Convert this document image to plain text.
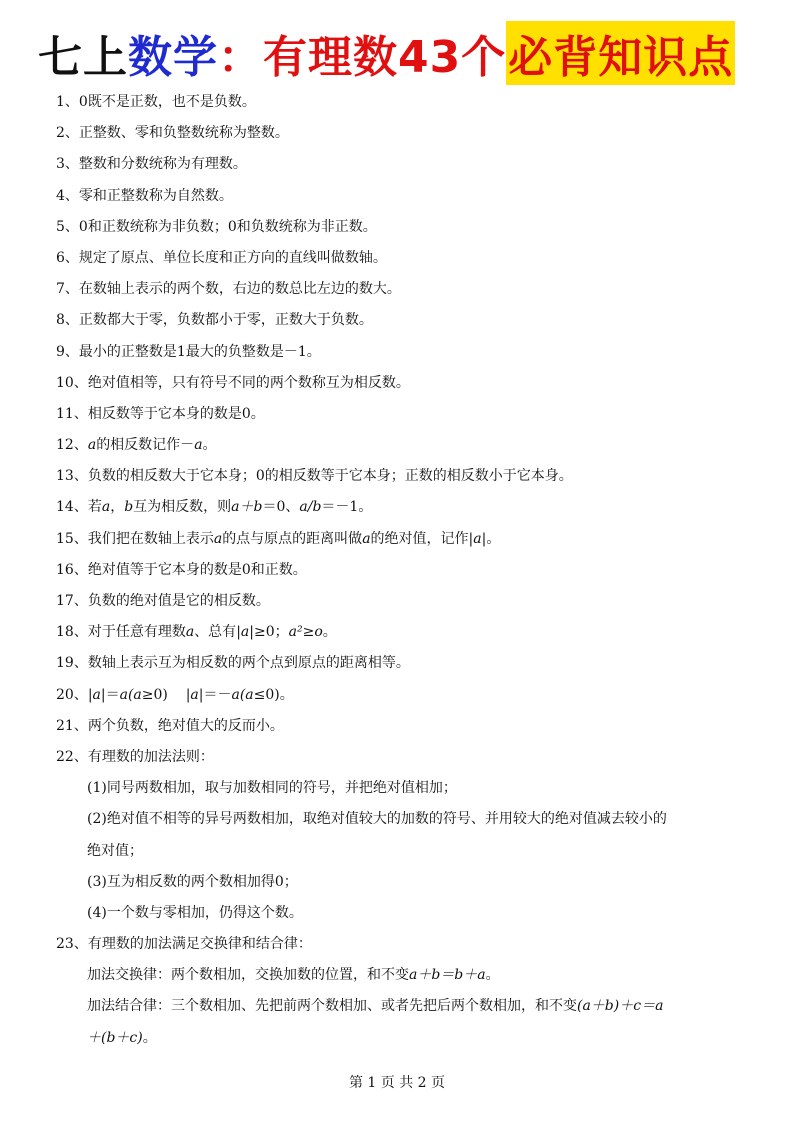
七上 数学 ：有理数43个 必背知识点
1、0既不是正数，也不是负数。
2、正整数、零和负整数统称为整数。
3、整数和分数统称为有理数。
4、零和正整数称为自然数。
5、0和正数统称为非负数；0和负数统称为非正数。
6、规定了原点、单位长度和正方向的直线叫做数轴。
7、在数轴上表示的两个数，右边的数总比左边的数大。
8、正数都大于零，负数都小于零，正数大于负数。
9、最小的正整数是1最大的负整数是－1。
10、绝对值相等，只有符号不同的两个数称互为相反数。
11、相反数等于它本身的数是0。
12、a的相反数记作－a。
13、负数的相反数大于它本身；0的相反数等于它本身；正数的相反数小于它本身。
14、若a，b互为相反数，则a＋b＝0、a/b＝－1。
15、我们把在数轴上表示a的点与原点的距离叫做a的绝对值，记作|a|。
16、绝对值等于它本身的数是0和正数。
17、负数的绝对值是它的相反数。
18、对于任意有理数a、总有|a|≥0；a²≥o。
19、数轴上表示互为相反数的两个点到原点的距离相等。
20、|a|＝a(a≥0) |a|＝－a(a≤0)。
21、两个负数，绝对值大的反而小。
22、有理数的加法法则：
(1)同号两数相加，取与加数相同的符号，并把绝对值相加；
(2)绝对值不相等的异号两数相加，取绝对值较大的加数的符号、并用较大的绝对值减去较小的
绝对值；
(3)互为相反数的两个数相加得0；
(4)一个数与零相加，仍得这个数。
23、有理数的加法满足交换律和结合律：
加法交换律：两个数相加，交换加数的位置，和不变a＋b＝b＋a。
加法结合律：三个数相加、先把前两个数相加、或者先把后两个数相加，和不变(a＋b)＋c＝a
＋(b＋c)。
第 1 页 共 2 页
